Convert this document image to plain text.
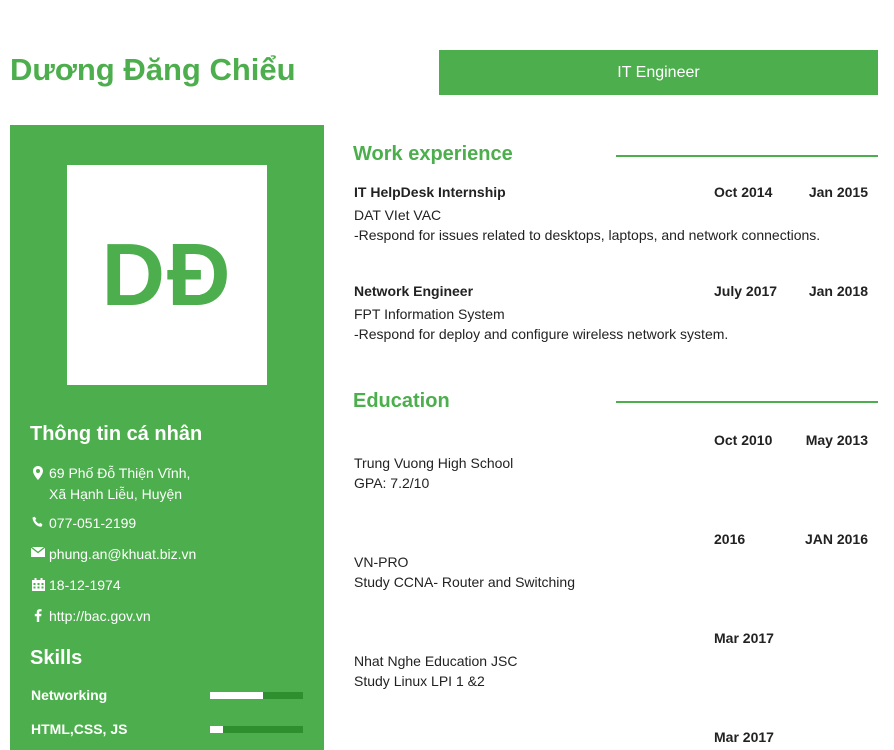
Dương Đăng Chiểu	IT Engineer
DĐ
Thông tin cá nhân
69 Phố Đỗ Thiện Vĩnh,
Xã Hạnh Liễu, Huyện
077-051-2199
phung.an@khuat.biz.vn
18-12-1974
http://bac.gov.vn
Skills
Networking
HTML,CSS, JS
Work experience
IT HelpDesk Internship	Oct 2014	Jan 2015
DAT VIet VAC
-Respond for issues related to desktops, laptops, and network connections.
Network Engineer	July 2017 Jan 2018
FPT Information System
-Respond for deploy and configure wireless network system.
Education
Oct 2010 May 2013
Trung Vuong High School
GPA: 7.2/10
2016	JAN 2016
VN-PRO
Study CCNA- Router and Switching
Mar 2017
Nhat Nghe Education JSC
Study Linux LPI 1 &2
Mar 2017
